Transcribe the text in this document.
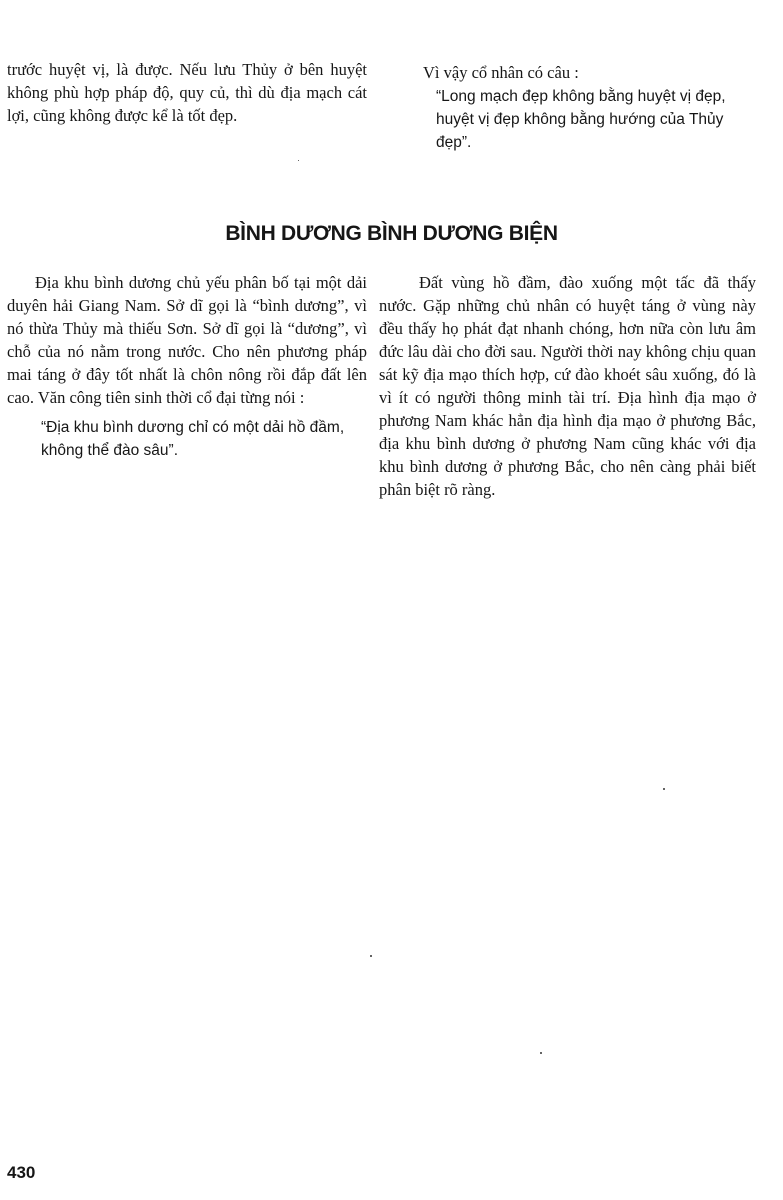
trước huyệt vị, là được. Nếu lưu Thủy ở bên huyệt không phù hợp pháp độ, quy củ, thì dù địa mạch cát lợi, cũng không được kể là tốt đẹp.

Vì vậy cổ nhân có câu :

“Long mạch đẹp không bằng huyệt vị đẹp, huyệt vị đẹp không bằng hướng của Thủy đẹp”.

BÌNH DƯƠNG BÌNH DƯƠNG BIỆN

Địa khu bình dương chủ yếu phân bố tại một dải duyên hải Giang Nam. Sở dĩ gọi là “bình dương”, vì nó thừa Thủy mà thiếu Sơn. Sở dĩ gọi là “dương”, vì chỗ của nó nằm trong nước. Cho nên phương pháp mai táng ở đây tốt nhất là chôn nông rồi đắp đất lên cao. Văn công tiên sinh thời cổ đại từng nói :

“Địa khu bình dương chỉ có một dải hồ đầm, không thể đào sâu”.

Đất vùng hồ đầm, đào xuống một tấc đã thấy nước. Gặp những chủ nhân có huyệt táng ở vùng này đều thấy họ phát đạt nhanh chóng, hơn nữa còn lưu âm đức lâu dài cho đời sau. Người thời nay không chịu quan sát kỹ địa mạo thích hợp, cứ đào khoét sâu xuống, đó là vì ít có người thông minh tài trí. Địa hình địa mạo ở phương Nam khác hẳn địa hình địa mạo ở phương Bắc, địa khu bình dương ở phương Nam cũng khác với địa khu bình dương ở phương Bắc, cho nên càng phải biết phân biệt rõ ràng.

430
